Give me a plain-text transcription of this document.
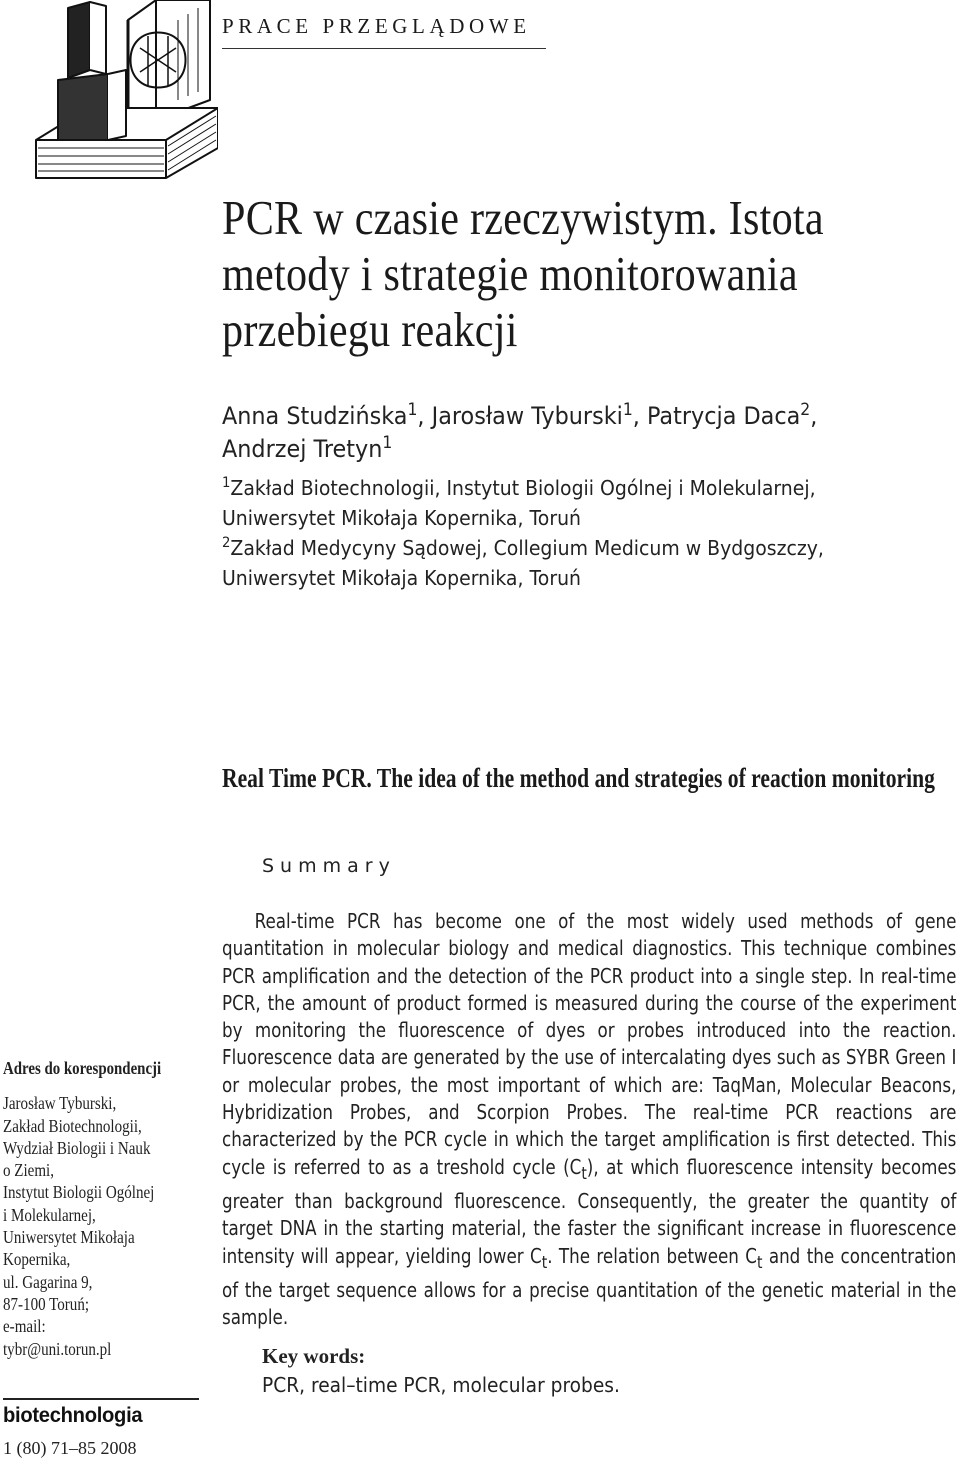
PRACE PRZEGLĄDOWE
PCR w czasie rzeczywistym. Istota metody i strategie monitorowania przebiegu reakcji
Anna Studzińska$^1$, Jarosław Tyburski$^1$, Patrycja Daca$^2$,
Andrzej Tretyn$^1$
$^1$Zakład Biotechnologii, Instytut Biologii Ogólnej i Molekularnej,
Uniwersytet Mikołaja Kopernika, Toruń
$^2$Zakład Medycyny Sądowej, Collegium Medicum w Bydgoszczy,
Uniwersytet Mikołaja Kopernika, Toruń
Real Time PCR. The idea of the method and strategies of reaction monitoring
Summary

Real-time PCR has become one of the most widely used methods of gene quantitation in molecular biology and medical diagnostics. This technique combines PCR amplification and the detection of the PCR product into a single step. In real-time PCR, the amount of product formed is measured during the course of the experiment by monitoring the fluorescence of dyes or probes introduced into the reaction. Fluorescence data are generated by the use of intercalating dyes such as SYBR Green I or molecular probes, the most important of which are: TaqMan, Molecular Beacons, Hybridization Probes, and Scorpion Probes. The real-time PCR reactions are characterized by the PCR cycle in which the target amplification is first detected. This cycle is referred to as a treshold cycle $(C_t)$, at which fluorescence intensity becomes greater than background fluorescence. Consequently, the greater the quantity of target DNA in the starting material, the faster the significant increase in fluorescence intensity will appear, yielding lower $C_t$. The relation between $C_t$ and the concentration of the target sequence allows for a precise quantitation of the genetic material in the sample.

Key words:
PCR, real–time PCR, molecular probes.
Adres do korespondencji
Jarosław Tyburski,
Zakład Biotechnologii,
Wydział Biologii i Nauk
o Ziemi,
Instytut Biologii Ogólnej
i Molekularnej,
Uniwersytet Mikołaja
Kopernika,
ul. Gagarina 9,
87-100 Toruń;
e-mail:
tybr@uni.torun.pl
biotechnologia
1 (80) 71–85 2008
